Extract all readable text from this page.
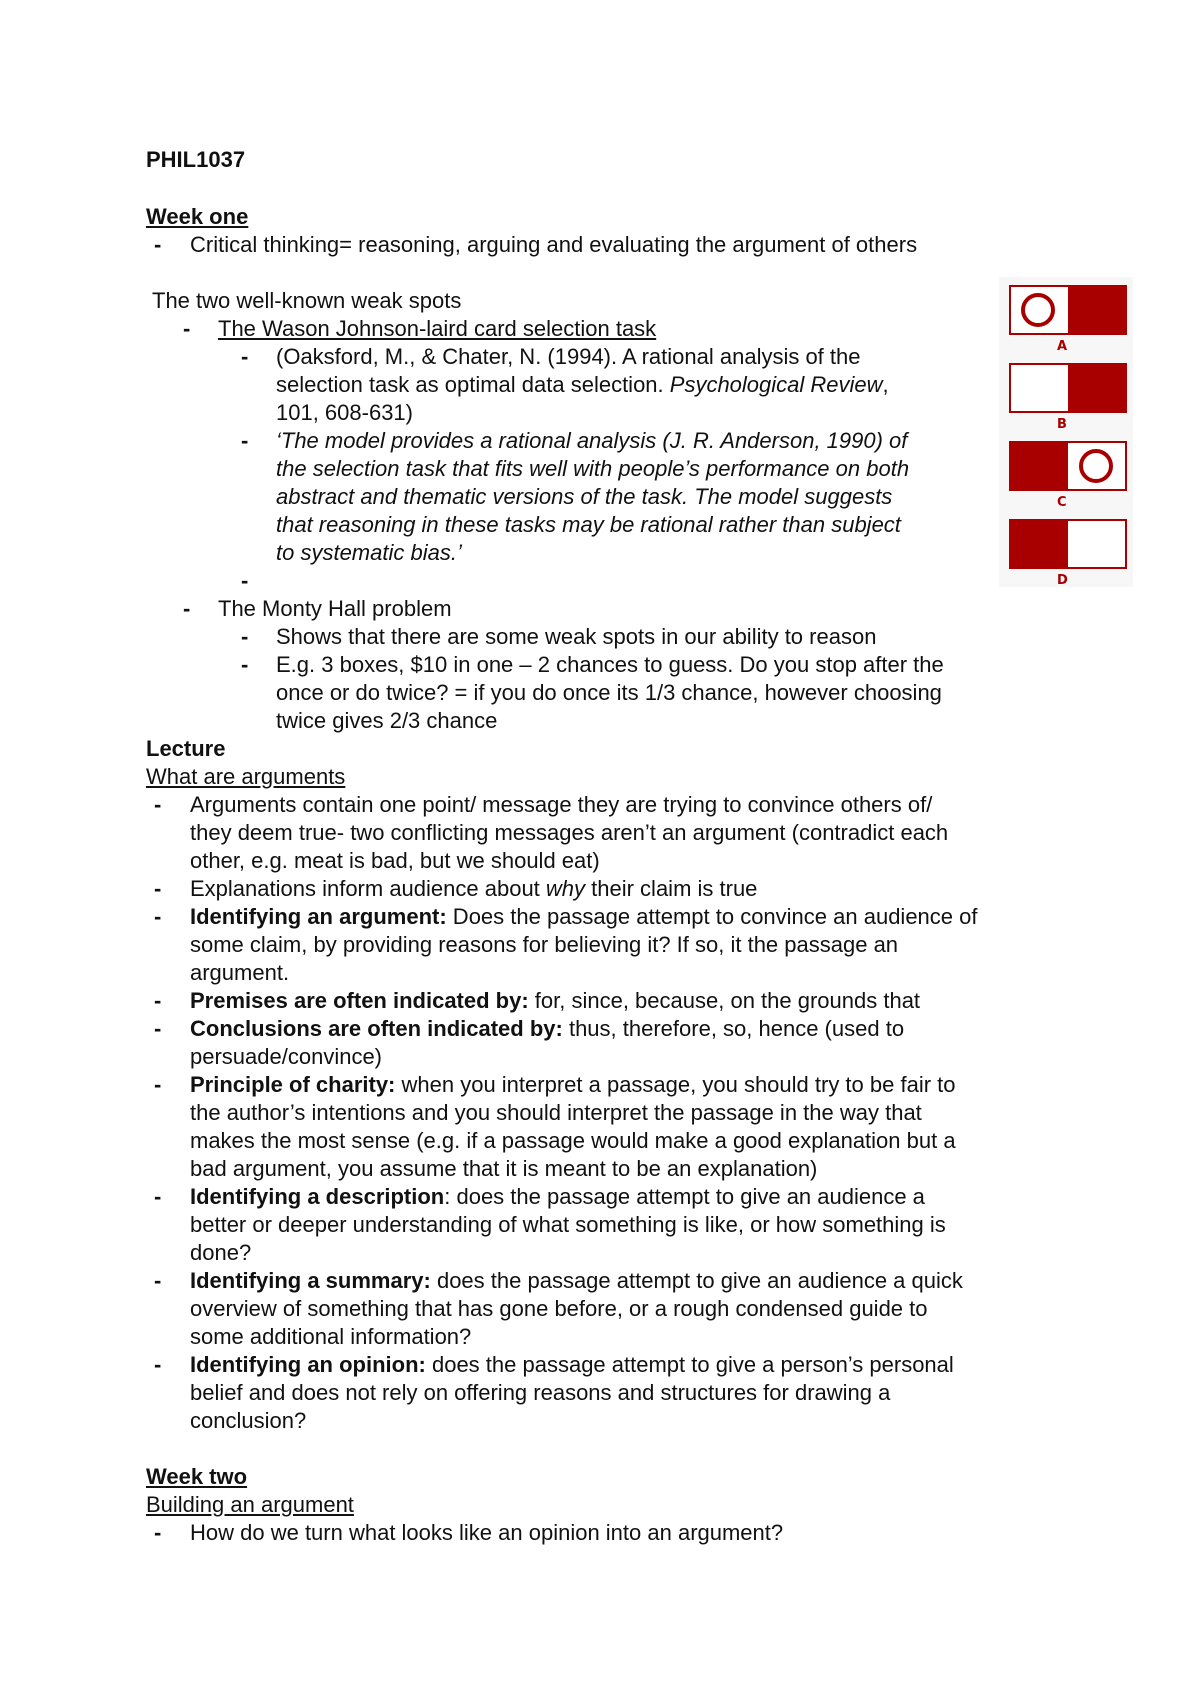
PHIL1037
Week one
- Critical thinking= reasoning, arguing and evaluating the argument of others
The two well-known weak spots
- The Wason Johnson-laird card selection task
- (Oaksford, M., & Chater, N. (1994). A rational analysis of the
selection task as optimal data selection. Psychological Review,
101, 608-631)
- ‘The model provides a rational analysis (J. R. Anderson, 1990) of
the selection task that fits well with people’s performance on both
abstract and thematic versions of the task. The model suggests
that reasoning in these tasks may be rational rather than subject
to systematic bias.’
-
- The Monty Hall problem
- Shows that there are some weak spots in our ability to reason
- E.g. 3 boxes, $10 in one – 2 chances to guess. Do you stop after the
once or do twice? = if you do once its 1/3 chance, however choosing
twice gives 2/3 chance
A
B
C
D
Lecture
What are arguments
- Arguments contain one point/ message they are trying to convince others of/
they deem true- two conflicting messages aren’t an argument (contradict each
other, e.g. meat is bad, but we should eat)
- Explanations inform audience about why their claim is true
- Identifying an argument: Does the passage attempt to convince an audience of
some claim, by providing reasons for believing it? If so, it the passage an
argument.
- Premises are often indicated by: for, since, because, on the grounds that
- Conclusions are often indicated by: thus, therefore, so, hence (used to
persuade/convince)
- Principle of charity: when you interpret a passage, you should try to be fair to
the author’s intentions and you should interpret the passage in the way that
makes the most sense (e.g. if a passage would make a good explanation but a
bad argument, you assume that it is meant to be an explanation)
- Identifying a description: does the passage attempt to give an audience a
better or deeper understanding of what something is like, or how something is
done?
- Identifying a summary: does the passage attempt to give an audience a quick
overview of something that has gone before, or a rough condensed guide to
some additional information?
- Identifying an opinion: does the passage attempt to give a person’s personal
belief and does not rely on offering reasons and structures for drawing a
conclusion?
Week two
Building an argument
- How do we turn what looks like an opinion into an argument?
